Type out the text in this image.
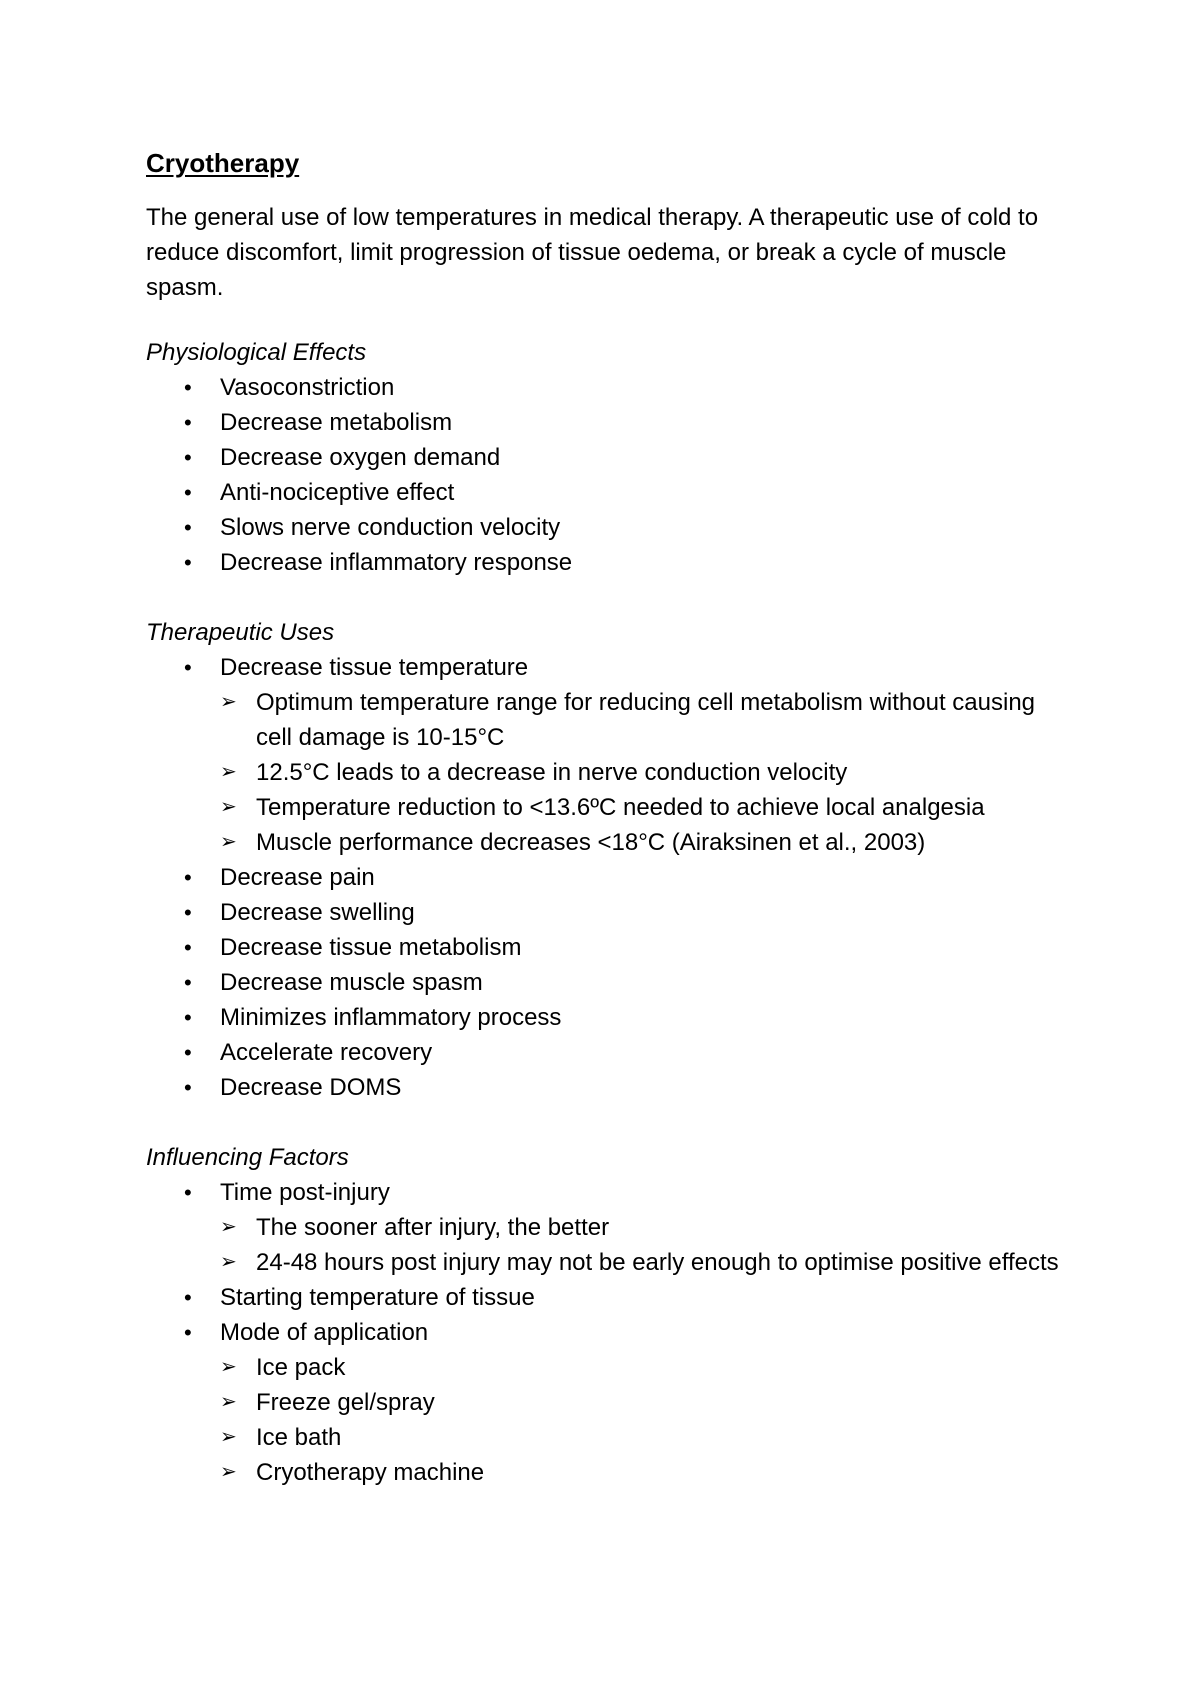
Cryotherapy

The general use of low temperatures in medical therapy. A therapeutic use of cold to reduce discomfort, limit progression of tissue oedema, or break a cycle of muscle spasm.

Physiological Effects
• Vasoconstriction
• Decrease metabolism
• Decrease oxygen demand
• Anti-nociceptive effect
• Slows nerve conduction velocity
• Decrease inflammatory response
Therapeutic Uses
• Decrease tissue temperature
➢ Optimum temperature range for reducing cell metabolism without causing cell damage is 10-15°C
➢ 12.5°C leads to a decrease in nerve conduction velocity
➢ Temperature reduction to <13.6ºC needed to achieve local analgesia
➢ Muscle performance decreases <18°C (Airaksinen et al., 2003)
• Decrease pain
• Decrease swelling
• Decrease tissue metabolism
• Decrease muscle spasm
• Minimizes inflammatory process
• Accelerate recovery
• Decrease DOMS
Influencing Factors
• Time post-injury
➢ The sooner after injury, the better
➢ 24-48 hours post injury may not be early enough to optimise positive effects
• Starting temperature of tissue
• Mode of application
➢ Ice pack
➢ Freeze gel/spray
➢ Ice bath
➢ Cryotherapy machine
